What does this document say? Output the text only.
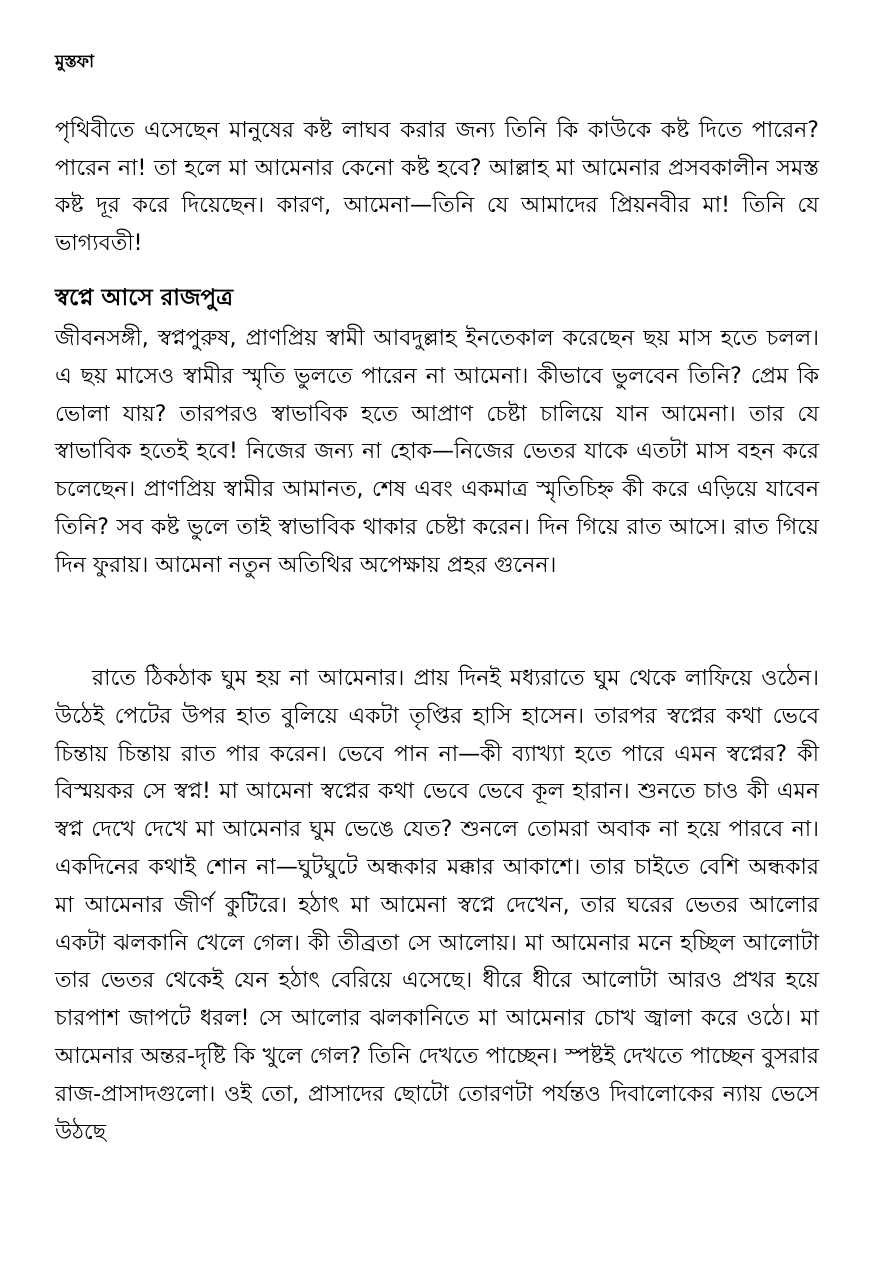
মুস্তফা

পৃথিবীতে এসেছেন মানুষের কষ্ট লাঘব করার জন্য তিনি কি কাউকে কষ্ট দিতে পারেন? পারেন না! তা হলে মা আমেনার কেনো কষ্ট হবে? আল্লাহ মা আমেনার প্রসবকালীন সমস্ত কষ্ট দূর করে দিয়েছেন। কারণ, আমেনা—তিনি যে আমাদের প্রিয়নবীর মা! তিনি যে ভাগ্যবতী!

স্বপ্নে আসে রাজপুত্র

জীবনসঙ্গী, স্বপ্নপুরুষ, প্রাণপ্রিয় স্বামী আবদুল্লাহ ইনতেকাল করেছেন ছয় মাস হতে চলল। এ ছয় মাসেও স্বামীর স্মৃতি ভুলতে পারেন না আমেনা। কীভাবে ভুলবেন তিনি? প্রেম কি ভোলা যায়? তারপরও স্বাভাবিক হতে আপ্রাণ চেষ্টা চালিয়ে যান আমেনা। তার যে স্বাভাবিক হতেই হবে! নিজের জন্য না হোক—নিজের ভেতর যাকে এতটা মাস বহন করে চলেছেন। প্রাণপ্রিয় স্বামীর আমানত, শেষ এবং একমাত্র স্মৃতিচিহ্ন কী করে এড়িয়ে যাবেন তিনি? সব কষ্ট ভুলে তাই স্বাভাবিক থাকার চেষ্টা করেন। দিন গিয়ে রাত আসে। রাত গিয়ে দিন ফুরায়। আমেনা নতুন অতিথির অপেক্ষায় প্রহর গুনেন।

রাতে ঠিকঠাক ঘুম হয় না আমেনার। প্রায় দিনই মধ্যরাতে ঘুম থেকে লাফিয়ে ওঠেন। উঠেই পেটের উপর হাত বুলিয়ে একটা তৃপ্তির হাসি হাসেন। তারপর স্বপ্নের কথা ভেবে চিন্তায় চিন্তায় রাত পার করেন। ভেবে পান না—কী ব্যাখ্যা হতে পারে এমন স্বপ্নের? কী বিস্ময়কর সে স্বপ্ন! মা আমেনা স্বপ্নের কথা ভেবে ভেবে কূল হারান। শুনতে চাও কী এমন স্বপ্ন দেখে দেখে মা আমেনার ঘুম ভেঙে যেত? শুনলে তোমরা অবাক না হয়ে পারবে না। একদিনের কথাই শোন না—ঘুটঘুটে অন্ধকার মক্কার আকাশে। তার চাইতে বেশি অন্ধকার মা আমেনার জীর্ণ কুটিরে। হঠাৎ মা আমেনা স্বপ্নে দেখেন, তার ঘরের ভেতর আলোর একটা ঝলকানি খেলে গেল। কী তীব্রতা সে আলোয়। মা আমেনার মনে হচ্ছিল আলোটা তার ভেতর থেকেই যেন হঠাৎ বেরিয়ে এসেছে। ধীরে ধীরে আলোটা আরও প্রখর হয়ে চারপাশ জাপটে ধরল! সে আলোর ঝলকানিতে মা আমেনার চোখ জ্বালা করে ওঠে। মা আমেনার অন্তর-দৃষ্টি কি খুলে গেল? তিনি দেখতে পাচ্ছেন। স্পষ্টই দেখতে পাচ্ছেন বুসরার রাজ-প্রাসাদগুলো। ওই তো, প্রাসাদের ছোটো তোরণটা পর্যন্তও দিবালোকের ন্যায় ভেসে উঠছে
